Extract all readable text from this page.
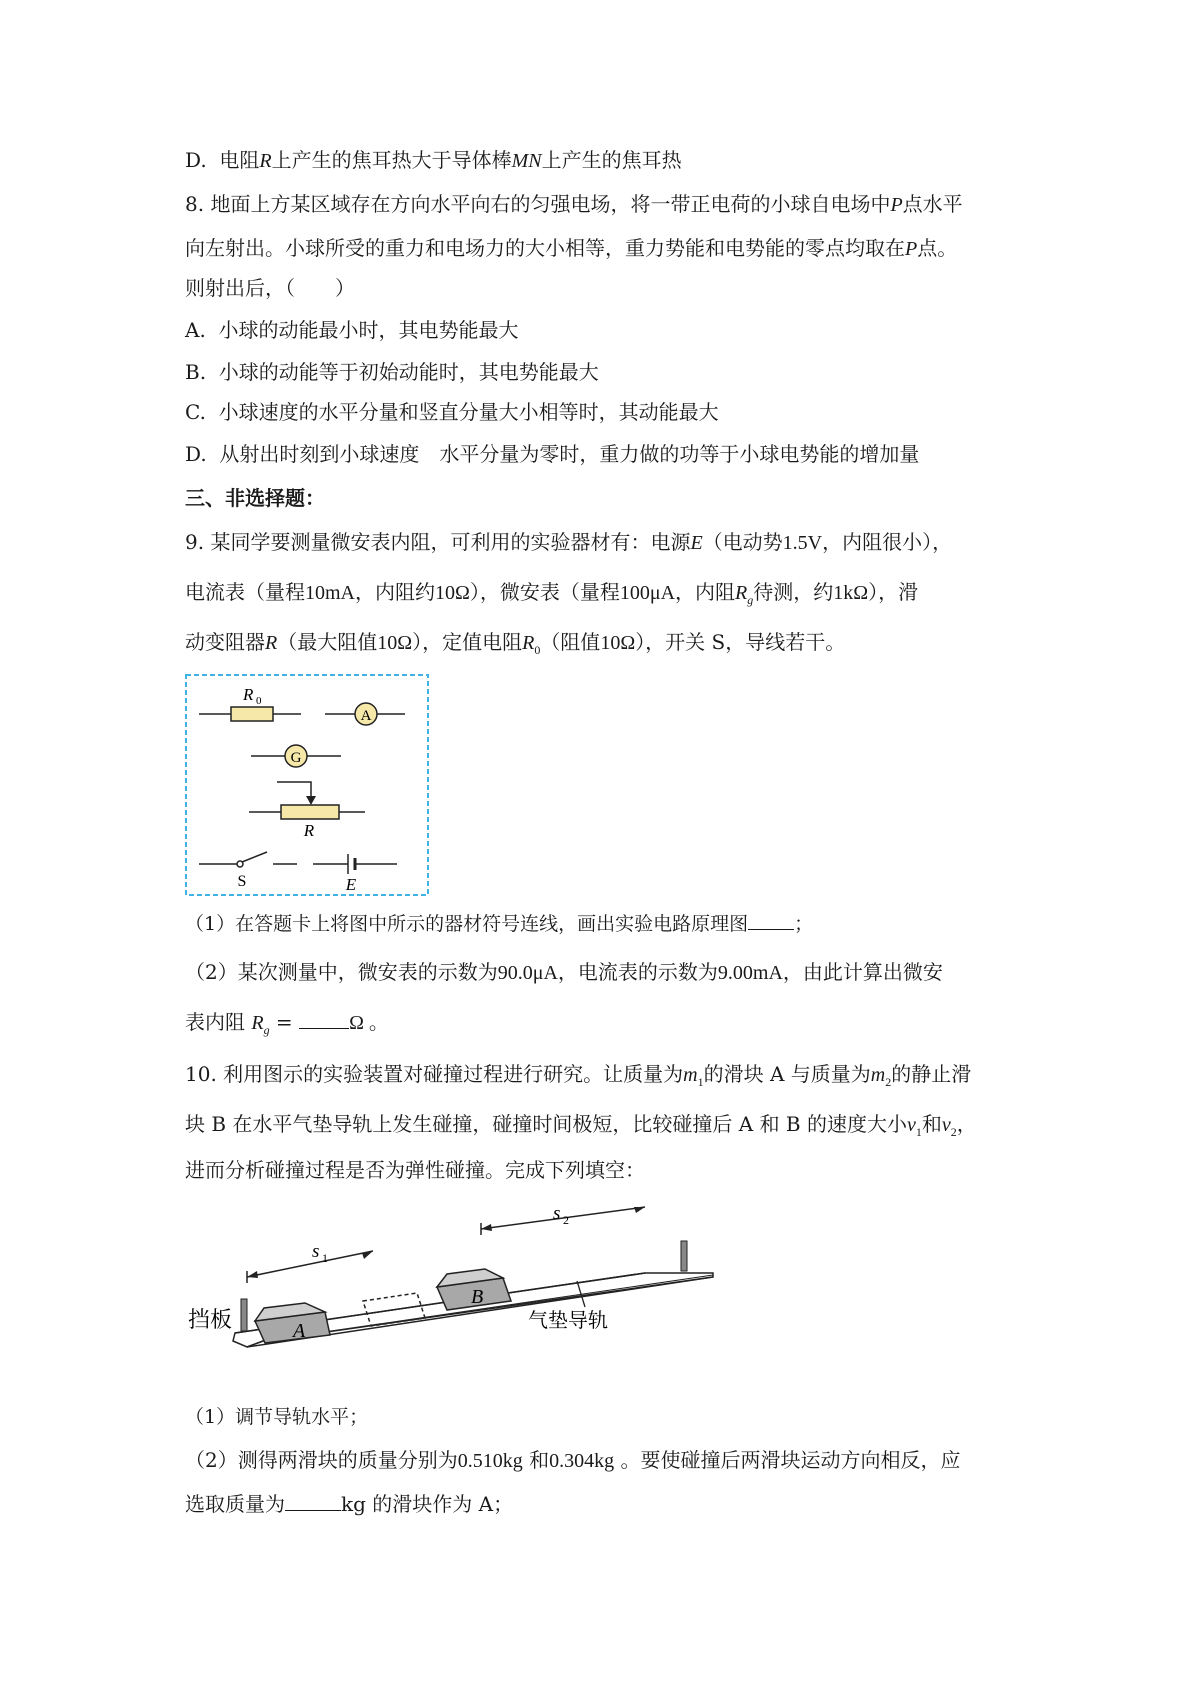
D. 电阻R上产生的焦耳热大于导体棒MN上产生的焦耳热
8. 地面上方某区域存在方向水平向右的匀强电场，将一带正电荷的小球自电场中P点水平
向左射出。小球所受的重力和电场力的大小相等，重力势能和电势能的零点均取在P点。
则射出后，（　　）
A. 小球的动能最小时，其电势能最大
B. 小球的动能等于初始动能时，其电势能最大
C. 小球速度的水平分量和竖直分量大小相等时，其动能最大
D. 从射出时刻到小球速度　水平分量为零时，重力做的功等于小球电势能的增加量
三、非选择题：
9. 某同学要测量微安表内阻，可利用的实验器材有：电源E（电动势1.5V，内阻很小），
电流表（量程10mA，内阻约10Ω），微安表（量程100μA，内阻$R_g$待测，约1kΩ），滑
动变阻器R（最大阻值10Ω），定值电阻$R_0$（阻值10Ω），开关 S，导线若干。
R 0
A
G
R
S	E
（1）在答题卡上将图中所示的器材符号连线，画出实验电路原理图 ；
（2）某次测量中，微安表的示数为90.0μA，电流表的示数为9.00mA，由此计算出微安
表内阻 $R_g$ =	Ω 。
10. 利用图示的实验装置对碰撞过程进行研究。让质量为$m_1$的滑块 A 与质量为$m_2$的静止滑
块 B 在水平气垫导轨上发生碰撞，碰撞时间极短，比较碰撞后 A 和 B 的速度大小$v_1$和$v_2$，
进而分析碰撞过程是否为弹性碰撞。完成下列填空：
挡板	A
B
s 1
s 2
气垫导轨
（1）调节导轨水平；
（2）测得两滑块的质量分别为0.510kg 和0.304kg 。要使碰撞后两滑块运动方向相反，应
选取质量为	kg 的滑块作为 A；
